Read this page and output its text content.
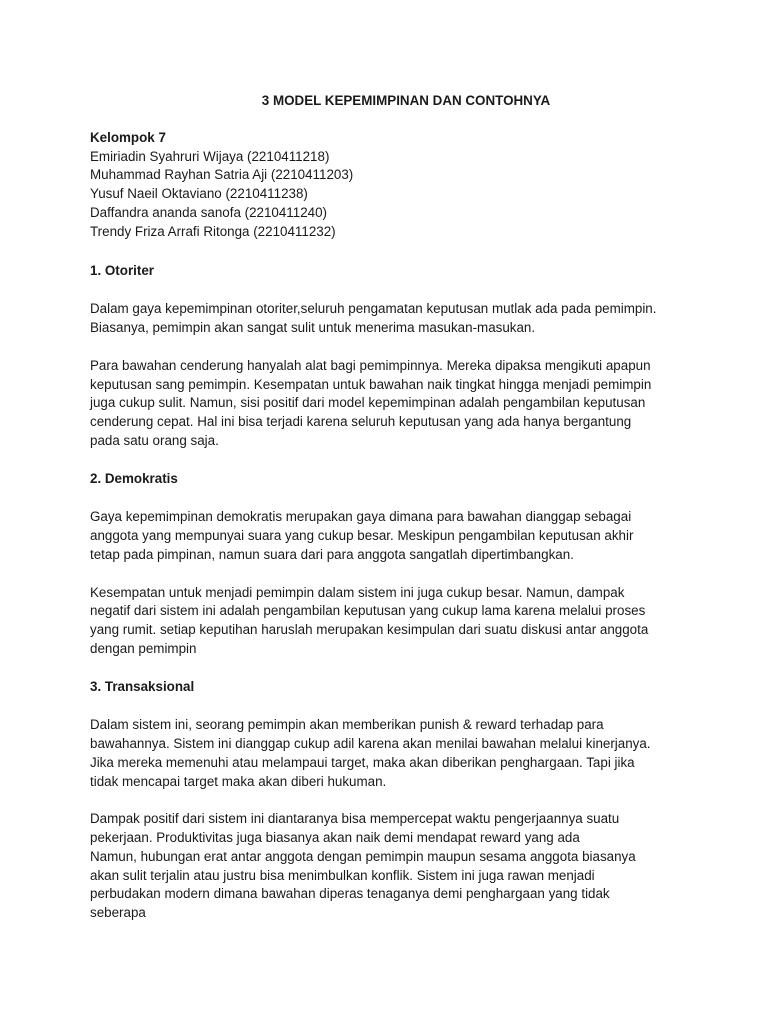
3 MODEL KEPEMIMPINAN DAN CONTOHNYA
Kelompok 7
Emiriadin Syahruri Wijaya (2210411218)
Muhammad Rayhan Satria Aji (2210411203)
Yusuf Naeil Oktaviano (2210411238)
Daffandra ananda sanofa (2210411240)
Trendy Friza Arrafi Ritonga (2210411232)
1. Otoriter
Dalam gaya kepemimpinan otoriter,seluruh pengamatan keputusan mutlak ada pada pemimpin.
Biasanya, pemimpin akan sangat sulit untuk menerima masukan-masukan.
Para bawahan cenderung hanyalah alat bagi pemimpinnya. Mereka dipaksa mengikuti apapun
keputusan sang pemimpin. Kesempatan untuk bawahan naik tingkat hingga menjadi pemimpin
juga cukup sulit. Namun, sisi positif dari model kepemimpinan adalah pengambilan keputusan
cenderung cepat. Hal ini bisa terjadi karena seluruh keputusan yang ada hanya bergantung
pada satu orang saja.
2. Demokratis
Gaya kepemimpinan demokratis merupakan gaya dimana para bawahan dianggap sebagai
anggota yang mempunyai suara yang cukup besar. Meskipun pengambilan keputusan akhir
tetap pada pimpinan, namun suara dari para anggota sangatlah dipertimbangkan.
Kesempatan untuk menjadi pemimpin dalam sistem ini juga cukup besar. Namun, dampak
negatif dari sistem ini adalah pengambilan keputusan yang cukup lama karena melalui proses
yang rumit. setiap keputihan haruslah merupakan kesimpulan dari suatu diskusi antar anggota
dengan pemimpin
3. Transaksional
Dalam sistem ini, seorang pemimpin akan memberikan punish & reward terhadap para
bawahannya. Sistem ini dianggap cukup adil karena akan menilai bawahan melalui kinerjanya.
Jika mereka memenuhi atau melampaui target, maka akan diberikan penghargaan. Tapi jika
tidak mencapai target maka akan diberi hukuman.
Dampak positif dari sistem ini diantaranya bisa mempercepat waktu pengerjaannya suatu
pekerjaan. Produktivitas juga biasanya akan naik demi mendapat reward yang ada
Namun, hubungan erat antar anggota dengan pemimpin maupun sesama anggota biasanya
akan sulit terjalin atau justru bisa menimbulkan konflik. Sistem ini juga rawan menjadi
perbudakan modern dimana bawahan diperas tenaganya demi penghargaan yang tidak
seberapa
